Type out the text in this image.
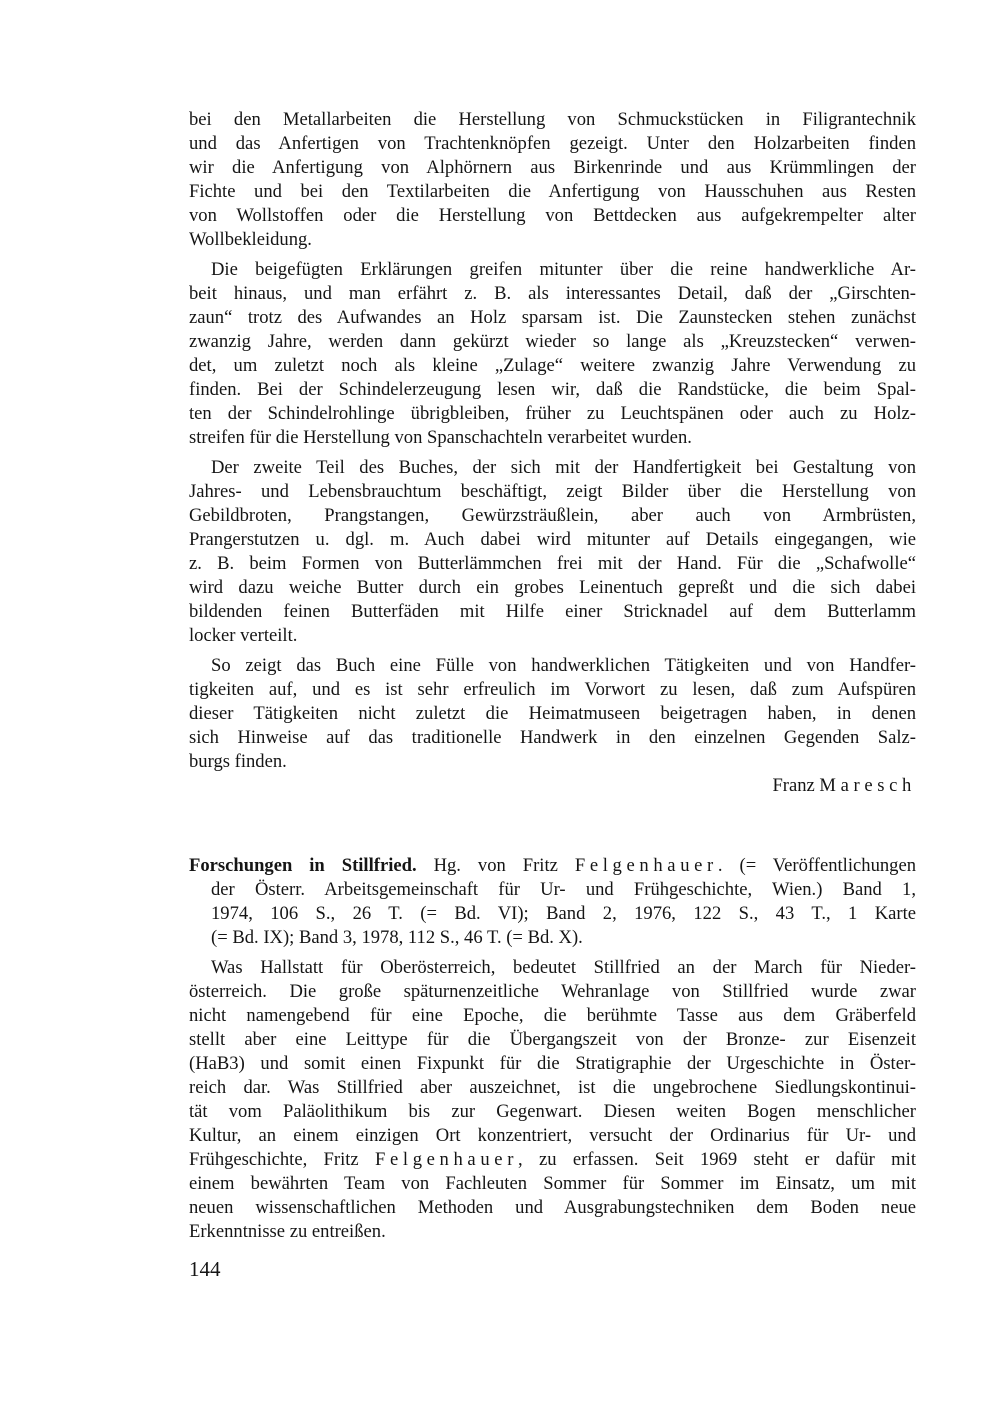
bei den Metallarbeiten die Herstellung von Schmuckstücken in Filigrantechnik
und das Anfertigen von Trachtenknöpfen gezeigt. Unter den Holzarbeiten finden
wir die Anfertigung von Alphörnern aus Birkenrinde und aus Krümmlingen der
Fichte und bei den Textilarbeiten die Anfertigung von Hausschuhen aus Resten
von Wollstoffen oder die Herstellung von Bettdecken aus aufgekrempelter alter
Wollbekleidung.
Die beigefügten Erklärungen greifen mitunter über die reine handwerkliche Ar-
beit hinaus, und man erfährt z. B. als interessantes Detail, daß der „Girschten-
zaun“ trotz des Aufwandes an Holz sparsam ist. Die Zaunstecken stehen zunächst
zwanzig Jahre, werden dann gekürzt wieder so lange als „Kreuzstecken“ verwen-
det, um zuletzt noch als kleine „Zulage“ weitere zwanzig Jahre Verwendung zu
finden. Bei der Schindelerzeugung lesen wir, daß die Randstücke, die beim Spal-
ten der Schindelrohlinge übrigbleiben, früher zu Leuchtspänen oder auch zu Holz-
streifen für die Herstellung von Spanschachteln verarbeitet wurden.
Der zweite Teil des Buches, der sich mit der Handfertigkeit bei Gestaltung von
Jahres- und Lebensbrauchtum beschäftigt, zeigt Bilder über die Herstellung von
Gebildbroten, Prangstangen, Gewürzsträußlein, aber auch von Armbrüsten,
Prangerstutzen u. dgl. m. Auch dabei wird mitunter auf Details eingegangen, wie
z. B. beim Formen von Butterlämmchen frei mit der Hand. Für die „Schafwolle“
wird dazu weiche Butter durch ein grobes Leinentuch gepreßt und die sich dabei
bildenden feinen Butterfäden mit Hilfe einer Stricknadel auf dem Butterlamm
locker verteilt.
So zeigt das Buch eine Fülle von handwerklichen Tätigkeiten und von Handfer-
tigkeiten auf, und es ist sehr erfreulich im Vorwort zu lesen, daß zum Aufspüren
dieser Tätigkeiten nicht zuletzt die Heimatmuseen beigetragen haben, in denen
sich Hinweise auf das traditionelle Handwerk in den einzelnen Gegenden Salz-
burgs finden.
Franz Maresch
Forschungen in Stillfried. Hg. von Fritz Felgenhauer. (= Veröffentlichungen
der Österr. Arbeitsgemeinschaft für Ur- und Frühgeschichte, Wien.) Band 1,
1974, 106 S., 26 T. (= Bd. VI); Band 2, 1976, 122 S., 43 T., 1 Karte
(= Bd. IX); Band 3, 1978, 112 S., 46 T. (= Bd. X).
Was Hallstatt für Oberösterreich, bedeutet Stillfried an der March für Nieder-
österreich. Die große späturnenzeitliche Wehranlage von Stillfried wurde zwar
nicht namengebend für eine Epoche, die berühmte Tasse aus dem Gräberfeld
stellt aber eine Leittype für die Übergangszeit von der Bronze- zur Eisenzeit
(HaB3) und somit einen Fixpunkt für die Stratigraphie der Urgeschichte in Öster-
reich dar. Was Stillfried aber auszeichnet, ist die ungebrochene Siedlungskontinui-
tät vom Paläolithikum bis zur Gegenwart. Diesen weiten Bogen menschlicher
Kultur, an einem einzigen Ort konzentriert, versucht der Ordinarius für Ur- und
Frühgeschichte, Fritz Felgenhauer, zu erfassen. Seit 1969 steht er dafür mit
einem bewährten Team von Fachleuten Sommer für Sommer im Einsatz, um mit
neuen wissenschaftlichen Methoden und Ausgrabungstechniken dem Boden neue
Erkenntnisse zu entreißen.
144
